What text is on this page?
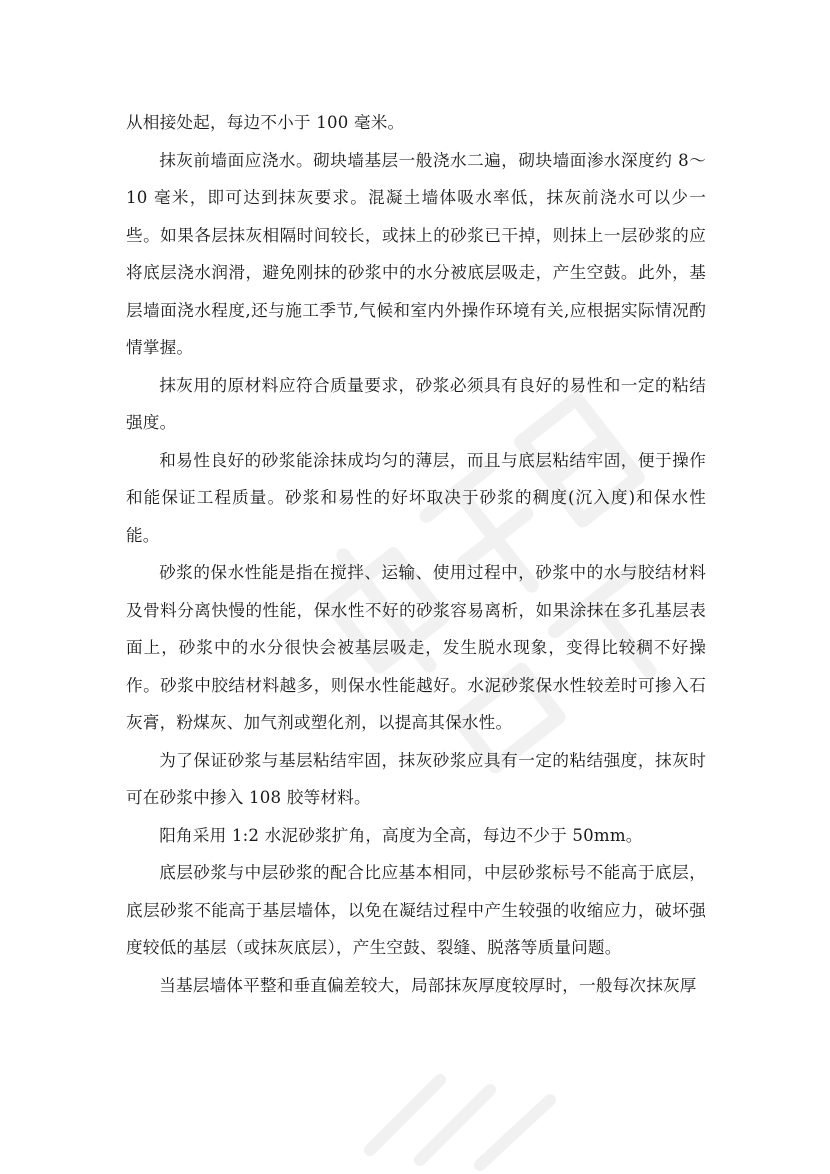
从相接处起，每边不小于 100 毫米。

抹灰前墙面应浇水。砌块墙基层一般浇水二遍，砌块墙面渗水深度约 8～10 毫米，即可达到抹灰要求。混凝土墙体吸水率低，抹灰前浇水可以少一些。如果各层抹灰相隔时间较长，或抹上的砂浆已干掉，则抹上一层砂浆的应将底层浇水润滑，避免刚抹的砂浆中的水分被底层吸走，产生空鼓。此外，基层墙面浇水程度,还与施工季节,气候和室内外操作环境有关,应根据实际情况酌情掌握。

抹灰用的原材料应符合质量要求，砂浆必须具有良好的易性和一定的粘结强度。

和易性良好的砂浆能涂抹成均匀的薄层，而且与底层粘结牢固，便于操作和能保证工程质量。砂浆和易性的好坏取决于砂浆的稠度(沉入度)和保水性能。

砂浆的保水性能是指在搅拌、运输、使用过程中，砂浆中的水与胶结材料及骨料分离快慢的性能，保水性不好的砂浆容易离析，如果涂抹在多孔基层表面上，砂浆中的水分很快会被基层吸走，发生脱水现象，变得比较稠不好操作。砂浆中胶结材料越多，则保水性能越好。水泥砂浆保水性较差时可掺入石灰膏，粉煤灰、加气剂或塑化剂，以提高其保水性。

为了保证砂浆与基层粘结牢固，抹灰砂浆应具有一定的粘结强度，抹灰时可在砂浆中掺入 108 胶等材料。

阳角采用 1:2 水泥砂浆扩角，高度为全高，每边不少于 50mm。

底层砂浆与中层砂浆的配合比应基本相同，中层砂浆标号不能高于底层，底层砂浆不能高于基层墙体，以免在凝结过程中产生较强的收缩应力，破坏强度较低的基层（或抹灰底层），产生空鼓、裂缝、脱落等质量问题。

当基层墙体平整和垂直偏差较大，局部抹灰厚度较厚时，一般每次抹灰厚
